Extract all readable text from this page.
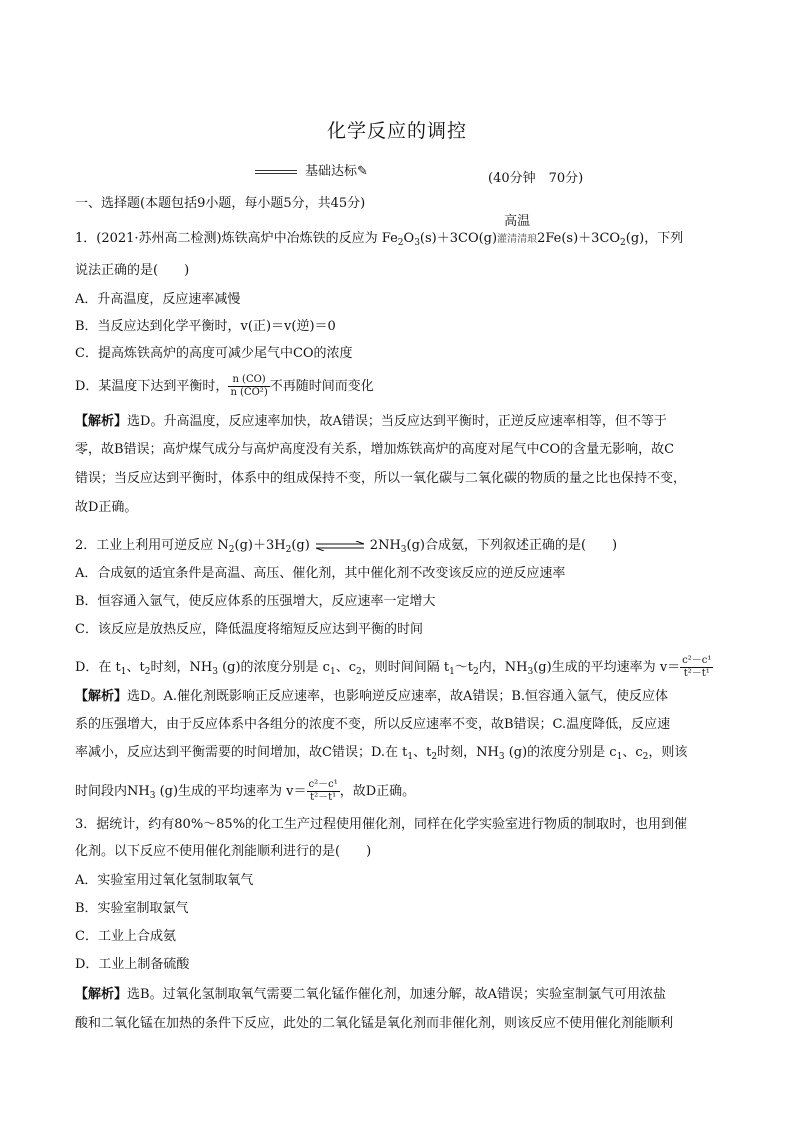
化学反应的调控
基础达标✎	(40分钟　70分)
一、选择题(本题包括9小题，每小题5分，共45分)
1．(2021·苏州高二检测)炼铁高炉中冶炼铁的反应为 $Fe_2O_3(s)+3CO(g)$
高温
灌清清琅$2Fe(s)+3CO_2(g)$，下列
说法正确的是(　　)
A．升高温度，反应速率减慢
B．当反应达到化学平衡时，v(正)＝v(逆)＝0
C．提高炼铁高炉的高度可减少尾气中CO的浓度
D．某温度下达到平衡时， $\frac{n (CO)}{\text{n (CO²)}}$ 不再随时间而变化
【解析】选D。升高温度，反应速率加快，故A错误；当反应达到平衡时，正逆反应速率相等，但不等于
零，故B错误；高炉煤气成分与高炉高度没有关系，增加炼铁高炉的高度对尾气中CO的含量无影响，故C
错误；当反应达到平衡时，体系中的组成保持不变，所以一氧化碳与二氧化碳的物质的量之比也保持不变，
故D正确。
2．工业上利用可逆反应 $N_2(g)+3H_2(g)$ ⇌ $2NH_3(g)$合成氨，下列叙述正确的是(　　)
A．合成氨的适宜条件是高温、高压、催化剂，其中催化剂不改变该反应的逆反应速率
B．恒容通入氩气，使反应体系的压强增大，反应速率一定增大
C．该反应是放热反应，降低温度将缩短反应达到平衡的时间
D．在 $t_1$、$t_2$时刻，$NH_3$ (g)的浓度分别是 $c_1$、$c_2$，则时间间隔 $t_1\sim t_2$内，$NH_3(g)$生成的平均速率为 $v= \frac{\text{c²－c¹}}{\text{t²－t¹}}$
【解析】选D。A.催化剂既影响正反应速率，也影响逆反应速率，故A错误；B.恒容通入氩气，使反应体
系的压强增大，由于反应体系中各组分的浓度不变，所以反应速率不变，故B错误；C.温度降低，反应速
率减小，反应达到平衡需要的时间增加，故C错误；D.在 $t_1$、$t_2$时刻，$NH_3$ (g)的浓度分别是 $c_1$、$c_2$，则该
时间段内$NH_3$ (g)生成的平均速率为 $v= \frac{\text{c²－c¹}}{\text{t²－t¹}}$ ，故D正确。
3．据统计，约有80%～85%的化工生产过程使用催化剂，同样在化学实验室进行物质的制取时，也用到催
化剂。以下反应不使用催化剂能顺利进行的是(　　)
A．实验室用过氧化氢制取氧气
B．实验室制取氯气
C．工业上合成氨
D．工业上制备硫酸
【解析】选B。过氧化氢制取氧气需要二氧化锰作催化剂，加速分解，故A错误；实验室制氯气可用浓盐
酸和二氧化锰在加热的条件下反应，此处的二氧化锰是氧化剂而非催化剂，则该反应不使用催化剂能顺利
